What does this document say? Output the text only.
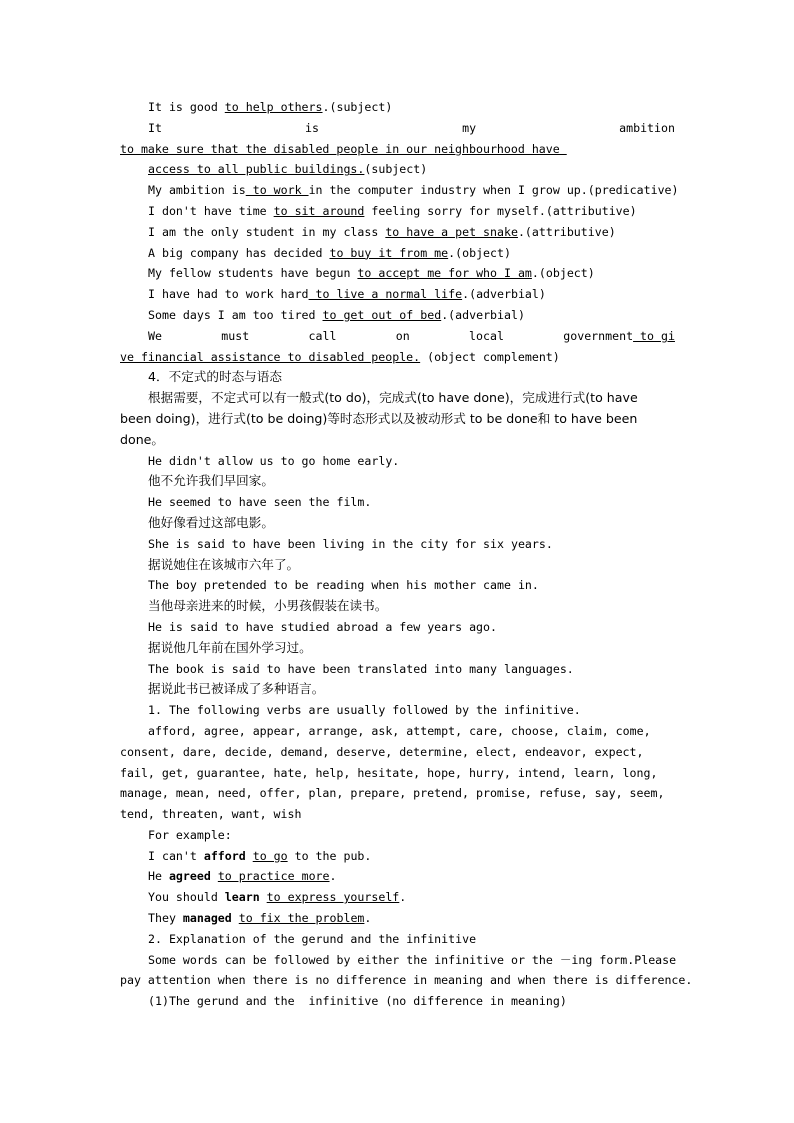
It is good to help others.(subject)
It	is	my	ambition
to make sure that the disabled people in our neighbourhood have
access to all public buildings.(subject)
My ambition is to work in the computer industry when I grow up.(predicative)
I don't have time to sit around feeling sorry for myself.(attributive)
I am the only student in my class to have a pet snake.(attributive)
A big company has decided to buy it from me.(object)
My fellow students have begun to accept me for who I am.(object)
I have had to work hard to live a normal life.(adverbial)
Some days I am too tired to get out of bed.(adverbial)
We	must	call	on	local	government to gi
ve financial assistance to disabled people. (object complement)
4．不定式的时态与语态
根据需要，不定式可以有一般式(to do)，完成式(to have done)，完成进行式(to have
been doing)，进行式(to be doing)等时态形式以及被动形式 to be done和 to have been
done。
He didn't allow us to go home early.
他不允许我们早回家。
He seemed to have seen the film.
他好像看过这部电影。
She is said to have been living in the city for six years.
据说她住在该城市六年了。
The boy pretended to be reading when his mother came in.
当他母亲进来的时候，小男孩假装在读书。
He is said to have studied abroad a few years ago.
据说他几年前在国外学习过。
The book is said to have been translated into many languages.
据说此书已被译成了多种语言。
1. The following verbs are usually followed by the infinitive.
afford, agree, appear, arrange, ask, attempt, care, choose, claim, come,
consent, dare, decide, demand, deserve, determine, elect, endeavor, expect,
fail, get, guarantee, hate, help, hesitate, hope, hurry, intend, learn, long,
manage, mean, need, offer, plan, prepare, pretend, promise, refuse, say, seem,
tend, threaten, want, wish
For example:
I can't afford to go to the pub.
He agreed to practice more.
You should learn to express yourself.
They managed to fix the problem.
2. Explanation of the gerund and the infinitive
Some words can be followed by either the infinitive or the －ing form.Please
pay attention when there is no difference in meaning and when there is difference.
(1)The gerund and the  infinitive (no difference in meaning)
